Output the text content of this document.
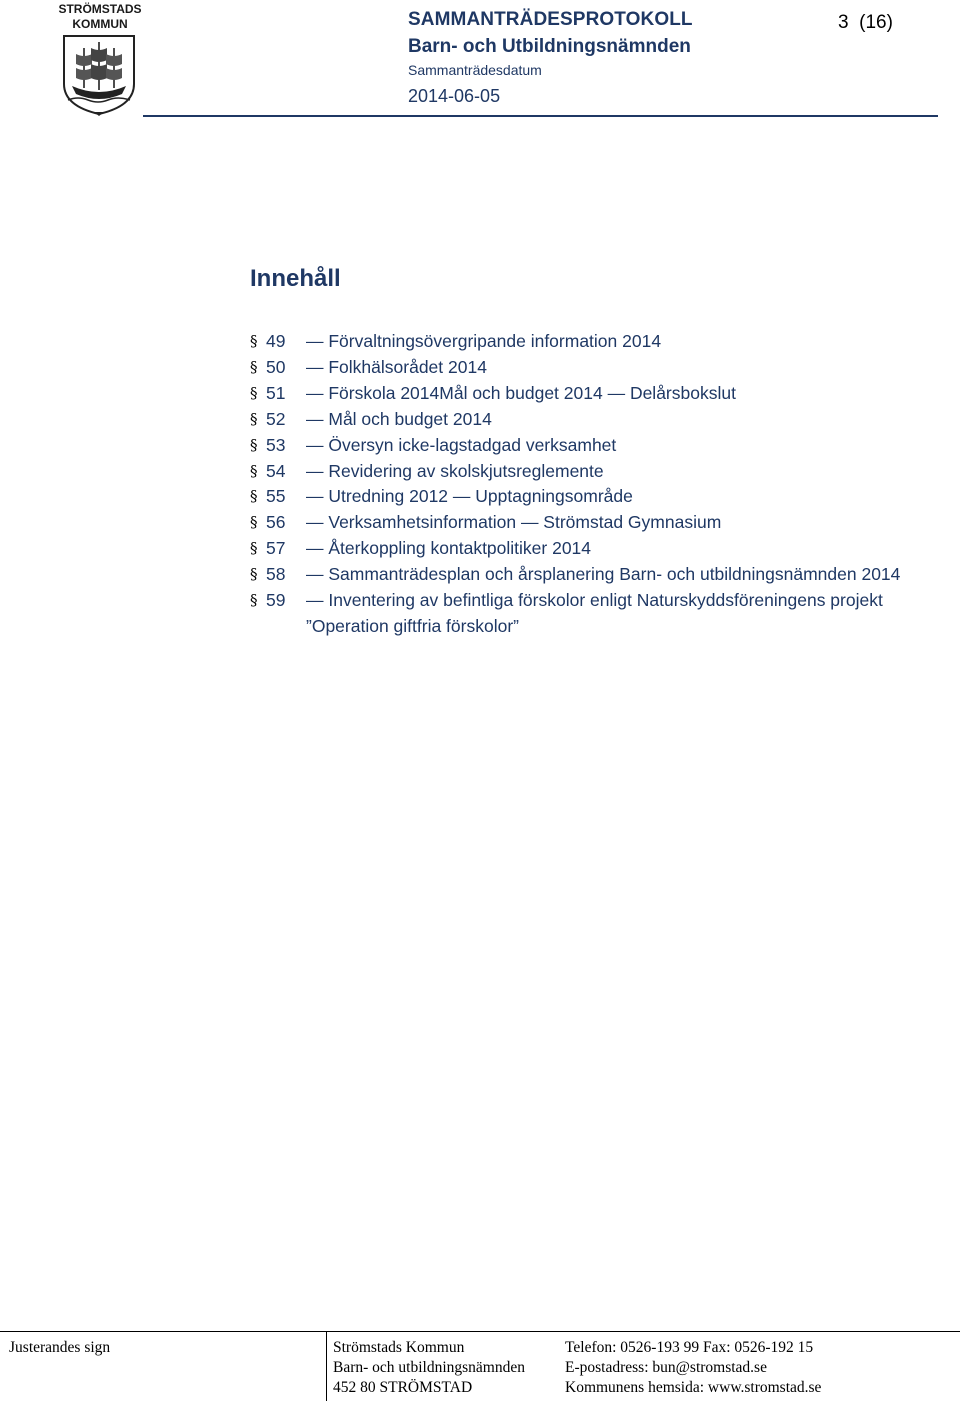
STRÖMSTADS
KOMMUN	SAMMANTRÄDESPROTOKOLL
Barn- och Utbildningsnämnden
Sammanträdesdatum
2014-06-05
3 (16)
Innehåll
§ 49 — Förvaltningsövergripande information 2014
§ 50 — Folkhälsorådet 2014
§ 51 — Förskola 2014Mål och budget 2014 — Delårsbokslut
§ 52 — Mål och budget 2014
§ 53 — Översyn icke-lagstadgad verksamhet
§ 54 — Revidering av skolskjutsreglemente
§ 55 — Utredning 2012 — Upptagningsområde
§ 56 — Verksamhetsinformation — Strömstad Gymnasium
§ 57 — Återkoppling kontaktpolitiker 2014
§ 58 — Sammanträdesplan och årsplanering Barn- och utbildningsnämnden 2014
§ 59 — Inventering av befintliga förskolor enligt Naturskyddsföreningens projekt ”Operation giftfria förskolor”
Justerandes sign	Strömstads Kommun
Barn- och utbildningsnämnden
452 80 STRÖMSTAD
Telefon: 0526-193 99 Fax: 0526-192 15
E-postadress: bun@stromstad.se
Kommunens hemsida: www.stromstad.se
